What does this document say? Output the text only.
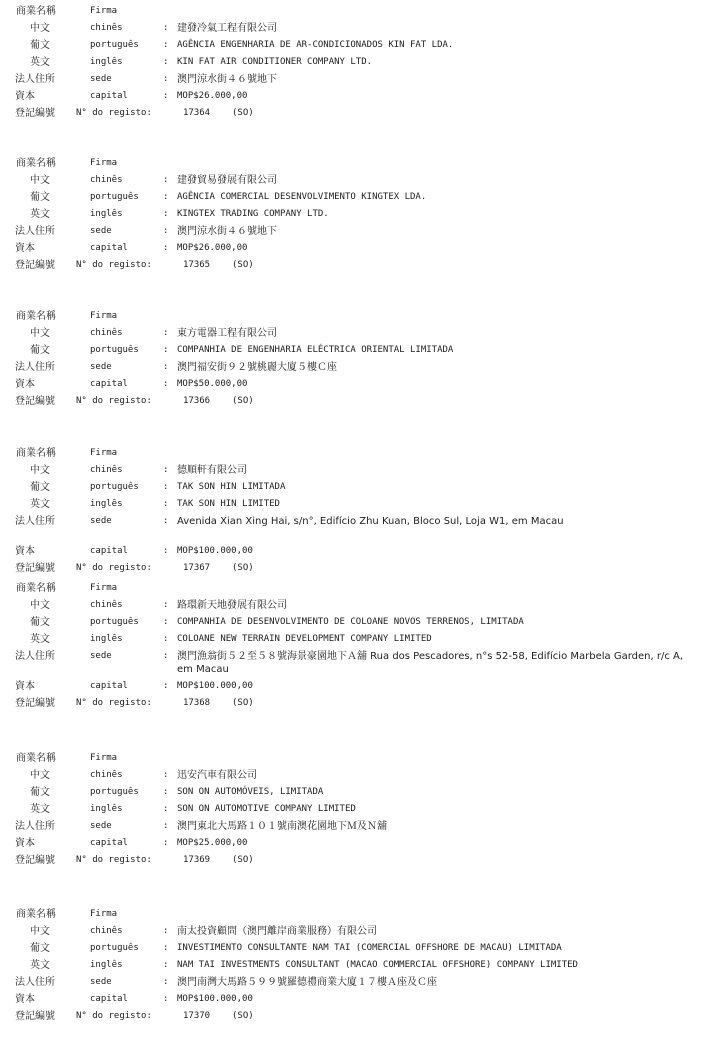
商業名稱	Firma
中文	chinês	: 建發冷氣工程有限公司
葡文	português	: AGÊNCIA ENGENHARIA DE AR-CONDICIONADOS KIN FAT LDA.
英文	inglês	: KIN FAT AIR CONDITIONER COMPANY LTD.
法人住所	sede	: 澳門涼水街４６號地下
資本	capital	: MOP$26.000,00
登記編號 N° do registo:	17364 (SO)
商業名稱	Firma
中文	chinês	: 建發貿易發展有限公司
葡文	português	: AGÊNCIA COMERCIAL DESENVOLVIMENTO KINGTEX LDA.
英文	inglês	: KINGTEX TRADING COMPANY LTD.
法人住所	sede	: 澳門涼水街４６號地下
資本	capital	: MOP$26.000,00
登記編號 N° do registo:	17365 (SO)
商業名稱	Firma
中文	chinês	: 東方電器工程有限公司
葡文	português	: COMPANHIA DE ENGENHARIA ELÉCTRICA ORIENTAL LIMITADA
法人住所	sede	: 澳門福安街９２號桃麗大廈５樓Ｃ座
資本	capital	: MOP$50.000,00
登記編號 N° do registo:	17366 (SO)
商業名稱	Firma
中文	chinês	: 德順軒有限公司
葡文	português	: TAK SON HIN LIMITADA
英文	inglês	: TAK SON HIN LIMITED
法人住所	sede	: Avenida Xian Xing Hai, s/n°, Edifício Zhu Kuan, Bloco Sul, Loja W1, em Macau
資本	capital	: MOP$100.000,00
登記編號 N° do registo:	17367 (SO)
商業名稱	Firma
中文	chinês	: 路環新天地發展有限公司
葡文	português	: COMPANHIA DE DESENVOLVIMENTO DE COLOANE NOVOS TERRENOS, LIMITADA
英文	inglês	: COLOANE NEW TERRAIN DEVELOPMENT COMPANY LIMITED
法人住所	sede	: 澳門漁翁街５２至５８號海景豪園地下Ａ舖 Rua dos Pescadores, n°s 52-58, Edifício Marbela Garden, r/c A, em Macau
資本	capital	: MOP$100.000,00
登記編號 N° do registo:	17368 (SO)
商業名稱	Firma
中文	chinês	: 迅安汽車有限公司
葡文	português	: SON ON AUTOMÓVEIS, LIMITADA
英文	inglês	: SON ON AUTOMOTIVE COMPANY LIMITED
法人住所	sede	: 澳門東北大馬路１０１號南澳花園地下Ｍ及Ｎ舖
資本	capital	: MOP$25.000,00
登記編號 N° do registo:	17369 (SO)
商業名稱	Firma
中文	chinês	: 南太投資顧問（澳門離岸商業服務）有限公司
葡文	português	: INVESTIMENTO CONSULTANTE NAM TAI (COMERCIAL OFFSHORE DE MACAU) LIMITADA
英文	inglês	: NAM TAI INVESTMENTS CONSULTANT (MACAO COMMERCIAL OFFSHORE) COMPANY LIMITED
法人住所	sede	: 澳門南灣大馬路５９９號羅德禮商業大廈１７樓Ａ座及Ｃ座
資本	capital	: MOP$100.000,00
登記編號 N° do registo:	17370 (SO)
